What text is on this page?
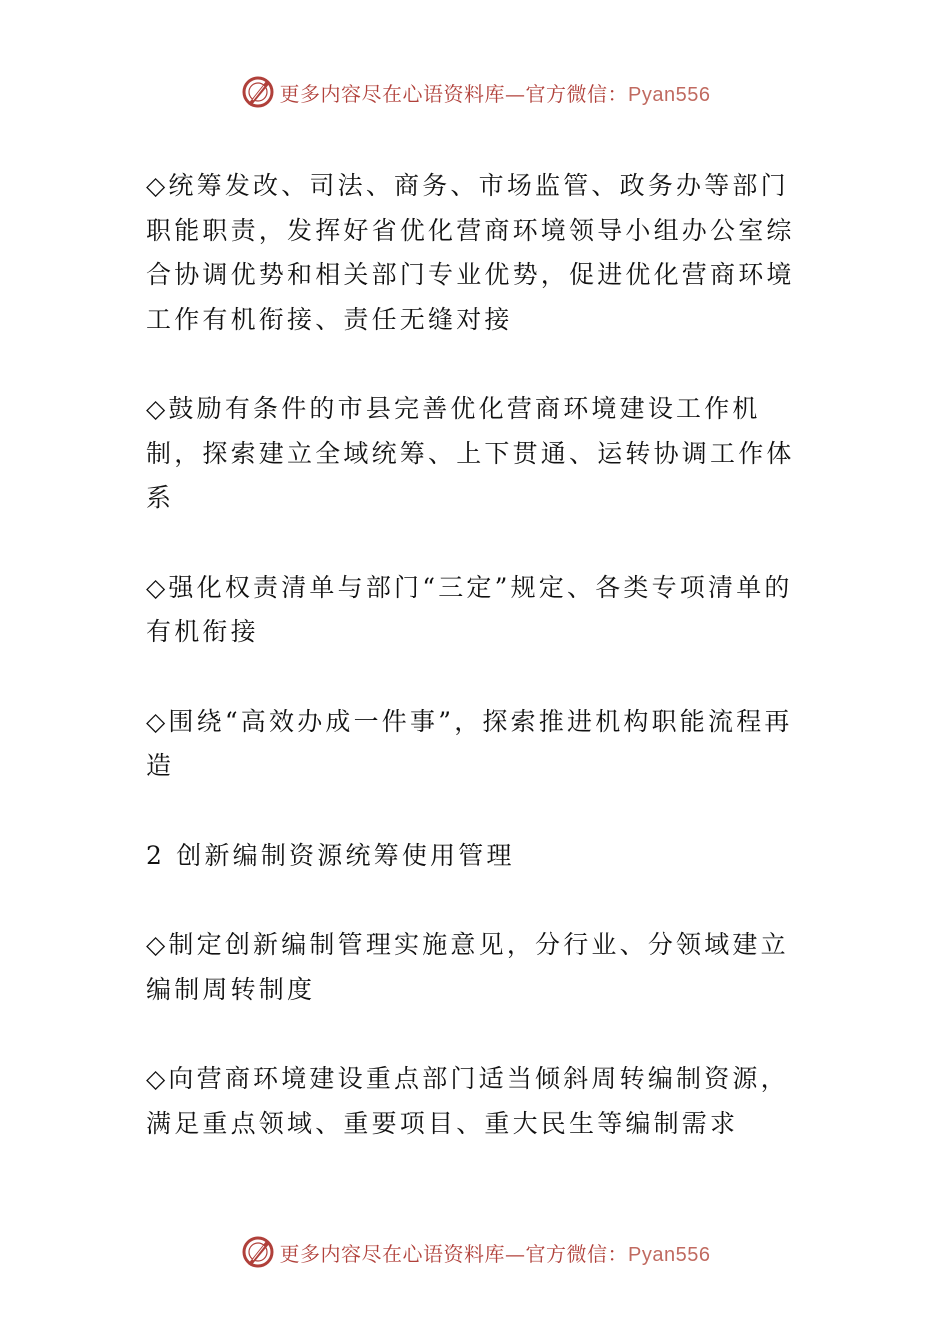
更多内容尽在心语资料库—官方微信：Pyan556

◇统筹发改、司法、商务、市场监管、政务办等部门职能职责，发挥好省优化营商环境领导小组办公室综合协调优势和相关部门专业优势，促进优化营商环境工作有机衔接、责任无缝对接

◇鼓励有条件的市县完善优化营商环境建设工作机制，探索建立全域统筹、上下贯通、运转协调工作体系

◇强化权责清单与部门“三定”规定、各类专项清单的有机衔接

◇围绕“高效办成一件事”，探索推进机构职能流程再造

2 创新编制资源统筹使用管理

◇制定创新编制管理实施意见，分行业、分领域建立编制周转制度

◇向营商环境建设重点部门适当倾斜周转编制资源，满足重点领域、重要项目、重大民生等编制需求

更多内容尽在心语资料库—官方微信：Pyan556
